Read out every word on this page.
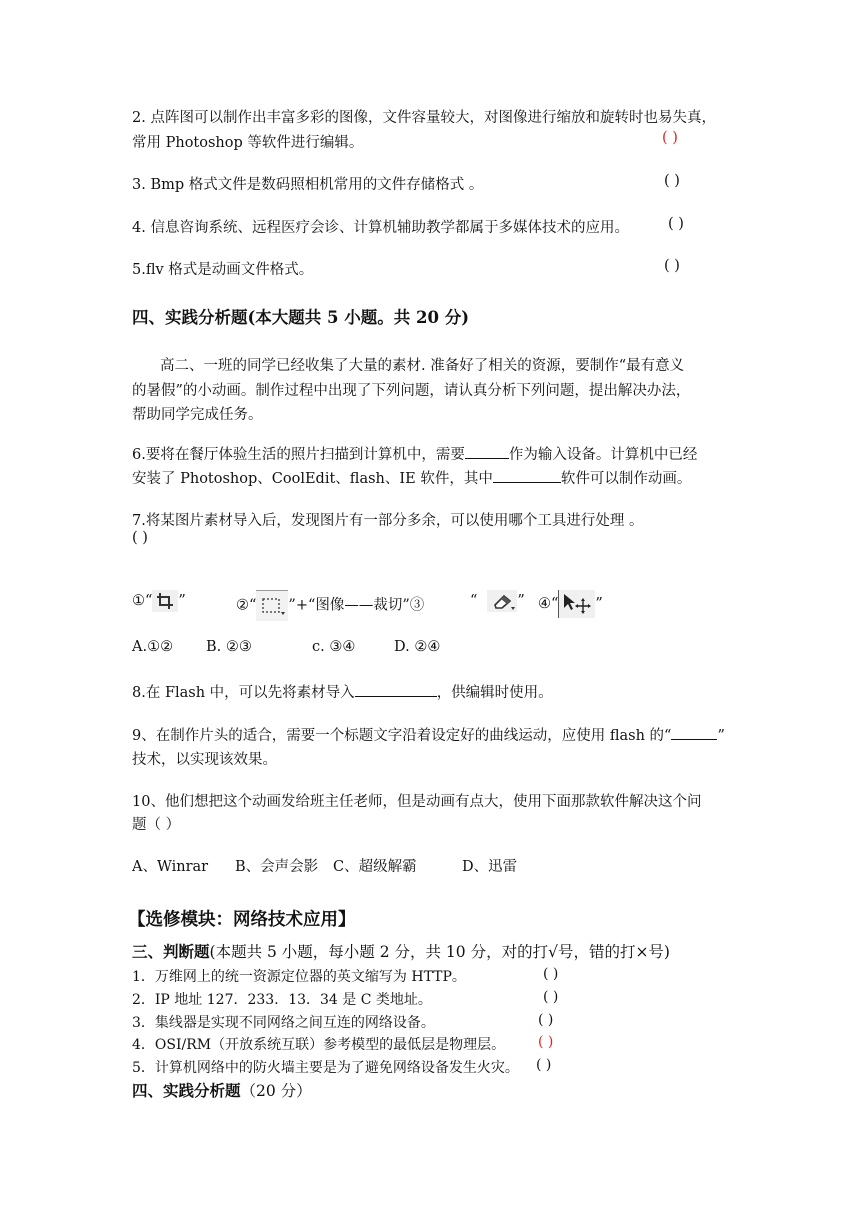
2. 点阵图可以制作出丰富多彩的图像，文件容量较大，对图像进行缩放和旋转时也易失真，
常用 Photoshop 等软件进行编辑。	( )
3. Bmp 格式文件是数码照相机常用的文件存储格式 。	( )
4. 信息咨询系统、远程医疗会诊、计算机辅助教学都属于多媒体技术的应用。	( )
5.flv 格式是动画文件格式。	( )
四、实践分析题(本大题共 5 小题。共 20 分)
高二、一班的同学已经收集了大量的素材. 准备好了相关的资源，要制作“最有意义
的暑假”的小动画。制作过程中出现了下列问题，请认真分析下列问题，提出解决办法，
帮助同学完成任务。
6.要将在餐厅体验生活的照片扫描到计算机中，需要	作为输入设备。计算机中已经
安装了 Photoshop、CoolEdit、flash、IE 软件，其中	软件可以制作动画。
7.将某图片素材导入后，发现图片有一部分多余，可以使用哪个工具进行处理 。
( )
①“ ”	②“ ”+“图像——裁切”③	“	” ④“	”
A.①② B. ②③	c. ③④	D. ②④
8.在 Flash 中，可以先将素材导入	，供编辑时使用。
9、在制作片头的适合，需要一个标题文字沿着设定好的曲线运动，应使用 flash 的“	”
技术，以实现该效果。
10、他们想把这个动画发给班主任老师，但是动画有点大，使用下面那款软件解决这个问
题（ ）
A、Winrar B、会声会影 C、超级解霸	D、迅雷
【选修模块：网络技术应用】
三、判断题(本题共 5 小题，每小题 2 分，共 10 分，对的打√号，错的打×号)
1．万维网上的统一资源定位器的英文缩写为 HTTP。	( )
2．IP 地址 127．233．13．34 是 C 类地址。	( )
3．集线器是实现不同网络之间互连的网络设备。	( )
4．OSI/RM（开放系统互联）参考模型的最低层是物理层。 ( )
5．计算机网络中的防火墙主要是为了避免网络设备发生火灾。 ( )
四、实践分析题（20 分）
